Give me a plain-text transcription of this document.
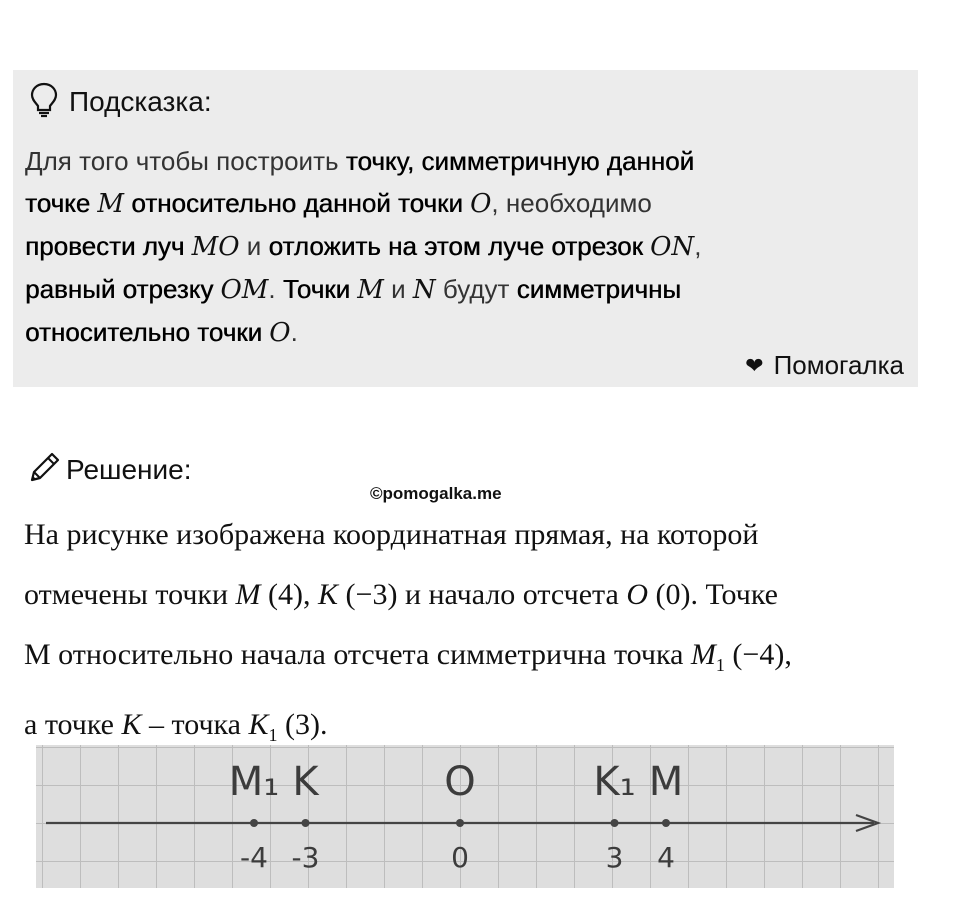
Подсказка:
Для того чтобы построить точку, симметричную данной
точке M относительно данной точки O, необходимо
провести луч MO и отложить на этом луче отрезок ON,
равный отрезку OM. Точки M и N будут симметричны
относительно точки O.
❤ Помогалка
Решение:
©pomogalka.me
На рисунке изображена координатная прямая, на которой
отмечены точки M (4), K (−3) и начало отсчета O (0). Точке
М относительно начала отсчета симметрична точка $M_1$ (−4),
а точке K – точка $K_1$ (3).
M₁
-4
K
-3
O
0
K₁
3
M
4
